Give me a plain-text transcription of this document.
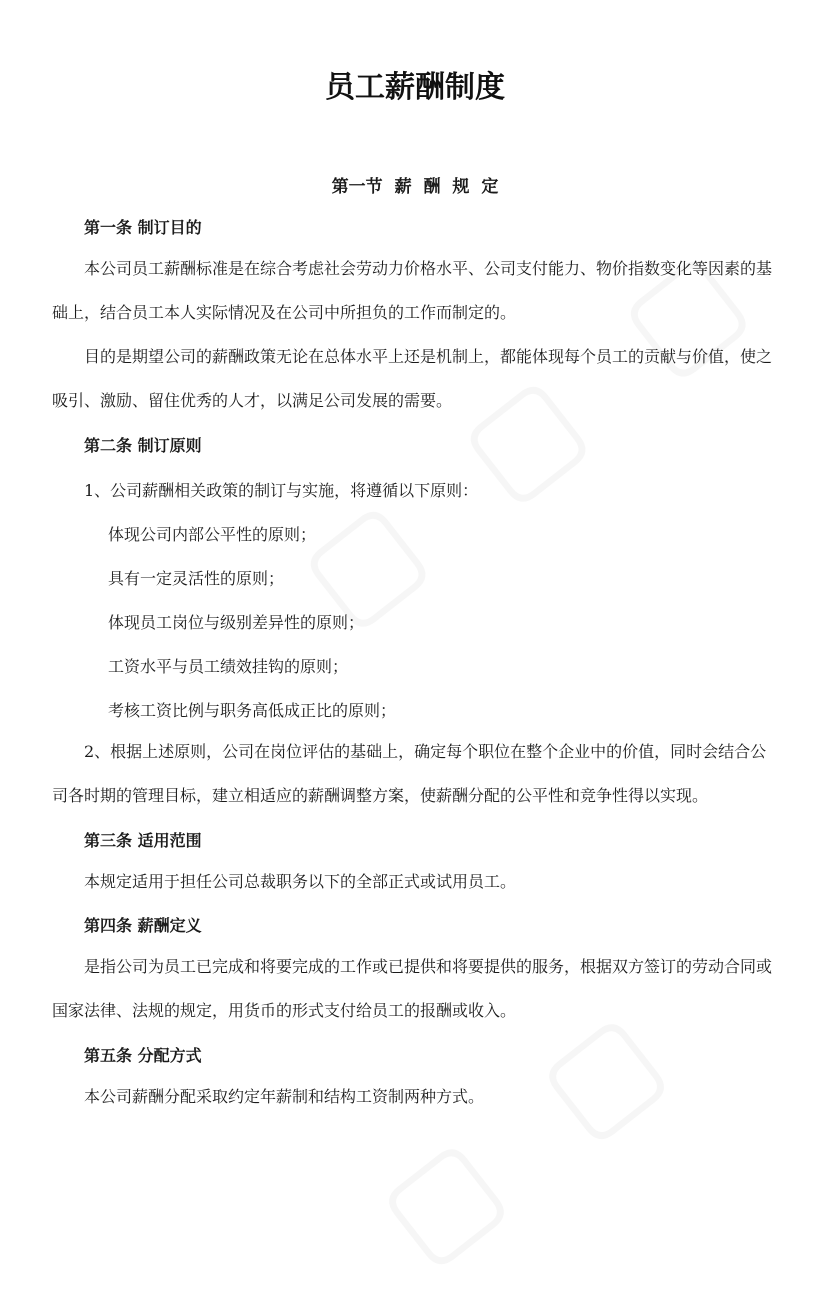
员工薪酬制度
第一节 薪 酬 规 定
第一条 制订目的

本公司员工薪酬标准是在综合考虑社会劳动力价格水平、公司支付能力、物价指数变化等因素的基础上，结合员工本人实际情况及在公司中所担负的工作而制定的。

目的是期望公司的薪酬政策无论在总体水平上还是机制上，都能体现每个员工的贡献与价值，使之吸引、激励、留住优秀的人才，以满足公司发展的需要。

第二条 制订原则
1、公司薪酬相关政策的制订与实施，将遵循以下原则：
体现公司内部公平性的原则；
具有一定灵活性的原则；
体现员工岗位与级别差异性的原则；
工资水平与员工绩效挂钩的原则；
考核工资比例与职务高低成正比的原则；

2、根据上述原则，公司在岗位评估的基础上，确定每个职位在整个企业中的价值，同时会结合公司各时期的管理目标，建立相适应的薪酬调整方案，使薪酬分配的公平性和竞争性得以实现。

第三条 适用范围

本规定适用于担任公司总裁职务以下的全部正式或试用员工。

第四条 薪酬定义

是指公司为员工已完成和将要完成的工作或已提供和将要提供的服务，根据双方签订的劳动合同或国家法律、法规的规定，用货币的形式支付给员工的报酬或收入。

第五条 分配方式

本公司薪酬分配采取约定年薪制和结构工资制两种方式。
